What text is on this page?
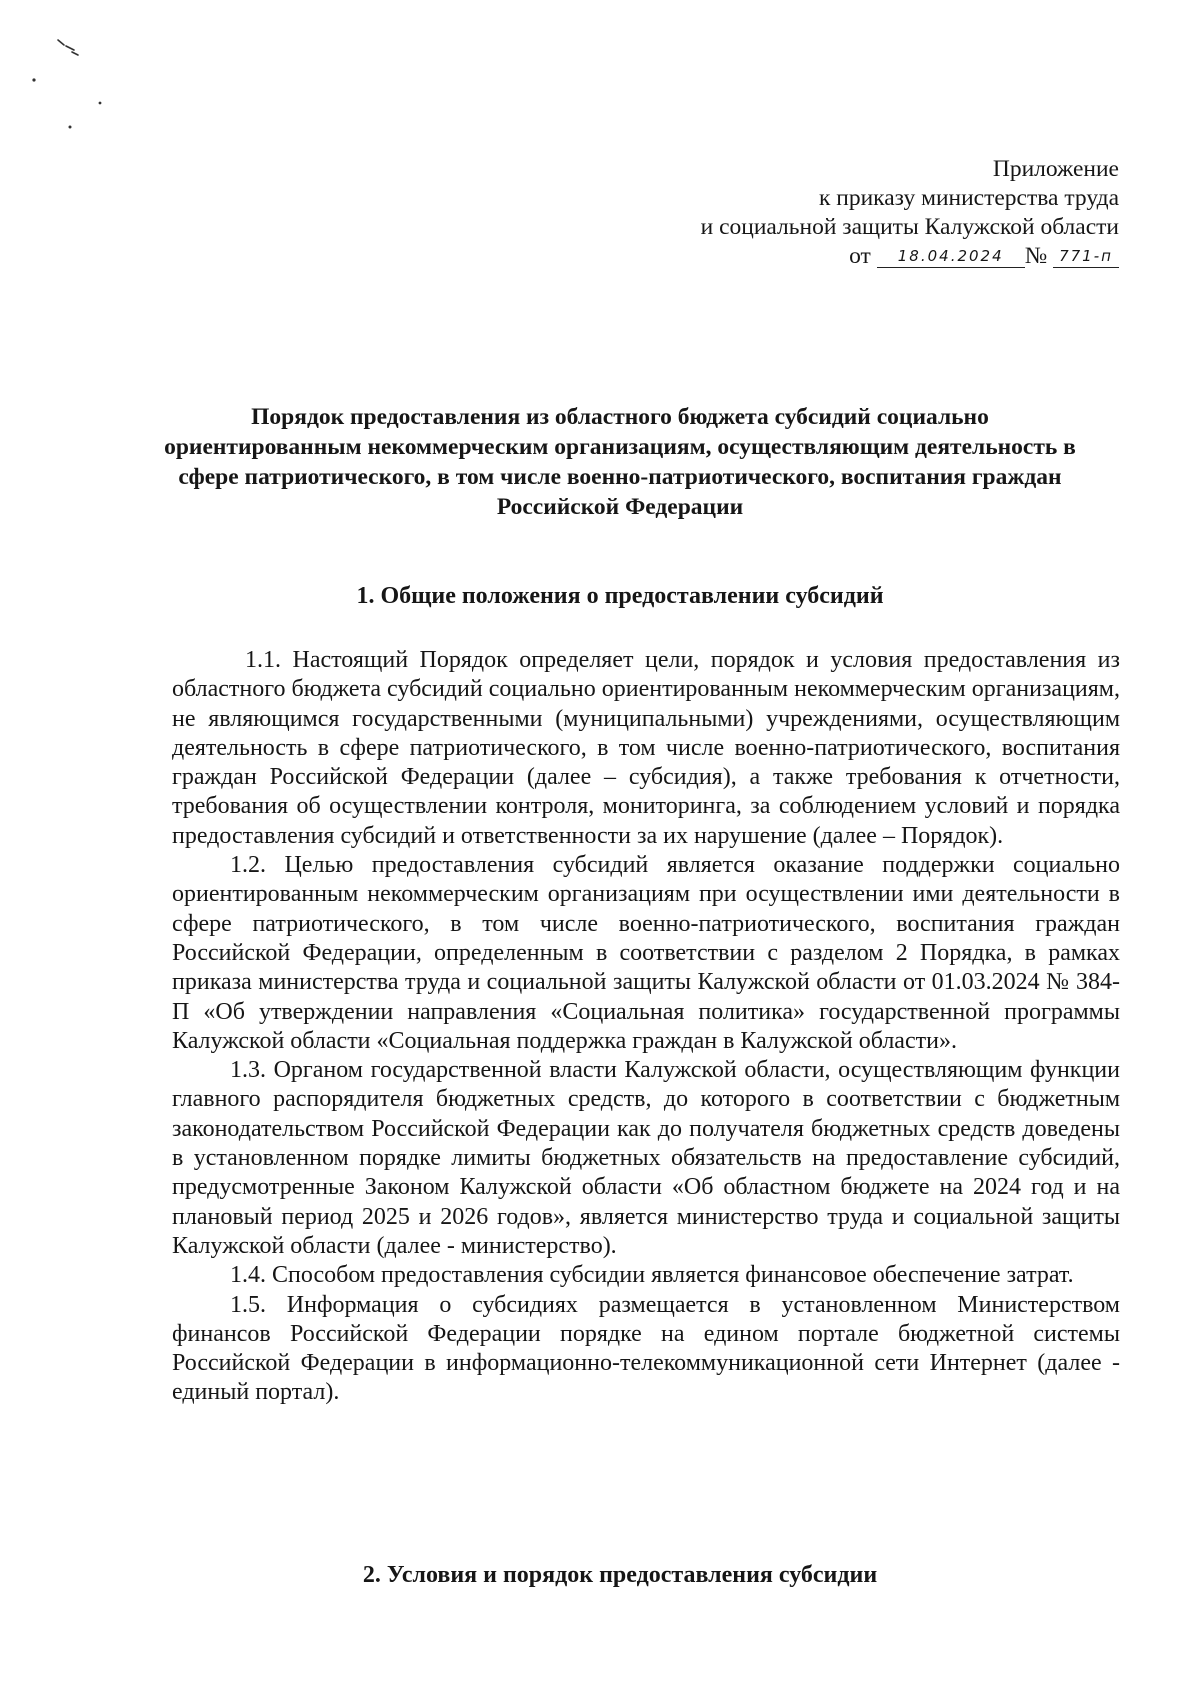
Приложение
к приказу министерства труда
и социальной защиты Калужской области
от 18.04.2024 № 771-п
Порядок предоставления из областного бюджета субсидий социально ориентированным некоммерческим организациям, осуществляющим деятельность в сфере патриотического, в том числе военно-патриотического, воспитания граждан Российской Федерации
1. Общие положения о предоставлении субсидий

1.1. Настоящий Порядок определяет цели, порядок и условия предоставления из областного бюджета субсидий социально ориентированным некоммерческим организациям, не являющимся государственными (муниципальными) учреждениями, осуществляющим деятельность в сфере патриотического, в том числе военно-патриотического, воспитания граждан Российской Федерации (далее – субсидия), а также требования к отчетности, требования об осуществлении контроля, мониторинга, за соблюдением условий и порядка предоставления субсидий и ответственности за их нарушение (далее – Порядок).

1.2. Целью предоставления субсидий является оказание поддержки социально ориентированным некоммерческим организациям при осуществлении ими деятельности в сфере патриотического, в том числе военно-патриотического, воспитания граждан Российской Федерации, определенным в соответствии с разделом 2 Порядка, в рамках приказа министерства труда и социальной защиты Калужской области от 01.03.2024 № 384-П «Об утверждении направления «Социальная политика» государственной программы Калужской области «Социальная поддержка граждан в Калужской области».

1.3. Органом государственной власти Калужской области, осуществляющим функции главного распорядителя бюджетных средств, до которого в соответствии с бюджетным законодательством Российской Федерации как до получателя бюджетных средств доведены в установленном порядке лимиты бюджетных обязательств на предоставление субсидий, предусмотренные Законом Калужской области «Об областном бюджете на 2024 год и на плановый период 2025 и 2026 годов», является министерство труда и социальной защиты Калужской области (далее - министерство).

1.4. Способом предоставления субсидии является финансовое обеспечение затрат.

1.5. Информация о субсидиях размещается в установленном Министерством финансов Российской Федерации порядке на едином портале бюджетной системы Российской Федерации в информационно-телекоммуникационной сети Интернет (далее - единый портал).

2. Условия и порядок предоставления субсидии
